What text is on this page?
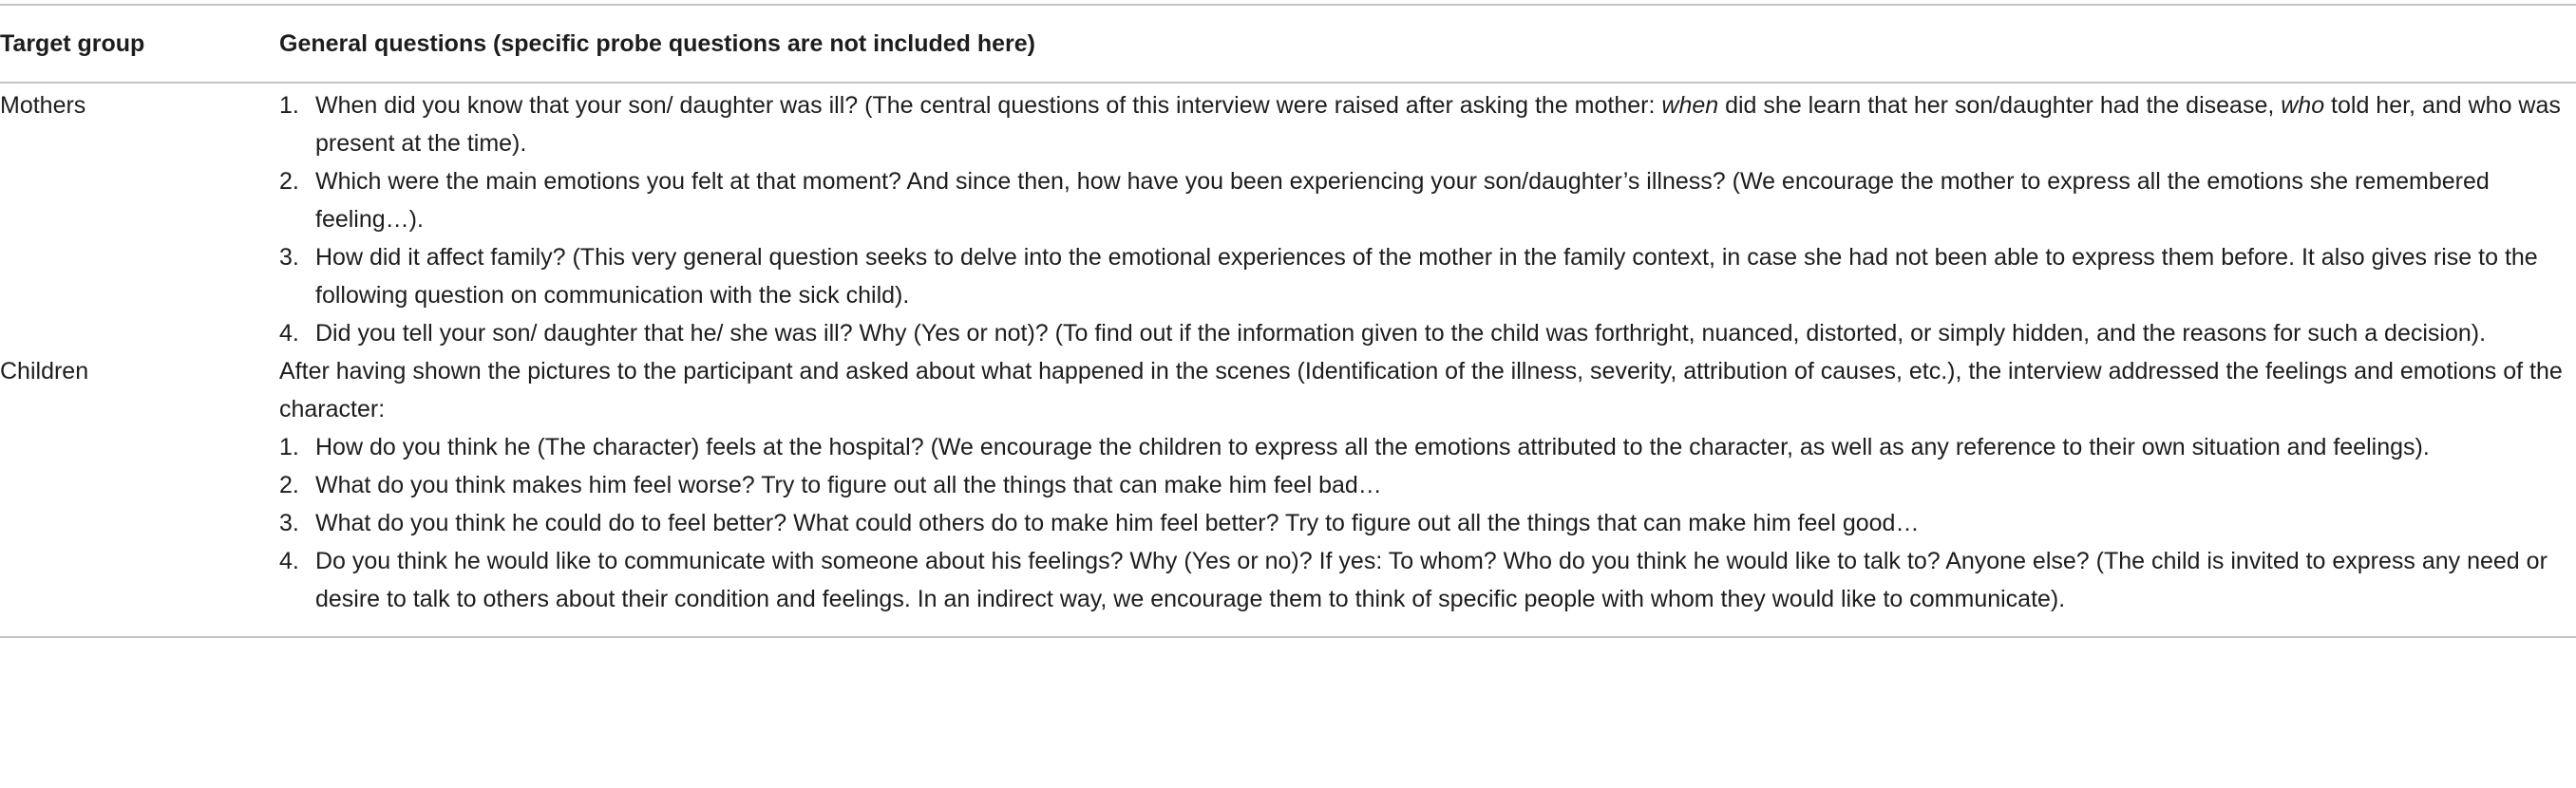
Target group	General questions (specific probe questions are not included here)
Mothers	1. When did you know that your son/ daughter was ill? (The central questions of this interview were raised after asking the mother: when did she learn that her son/daughter had the disease, who told her, and who was present at the time).
2. Which were the main emotions you felt at that moment? And since then, how have you been experiencing your son/daughter’s illness? (We encourage the mother to express all the emotions she remembered feeling…).
3. How did it affect family? (This very general question seeks to delve into the emotional experiences of the mother in the family context, in case she had not been able to express them before. It also gives rise to the following question on communication with the sick child).
4. Did you tell your son/ daughter that he/ she was ill? Why (Yes or not)? (To find out if the information given to the child was forthright, nuanced, distorted, or simply hidden, and the reasons for such a decision).
Children	After having shown the pictures to the participant and asked about what happened in the scenes (Identification of the illness, severity, attribution of causes, etc.), the interview addressed the feelings and emotions of the character:

1. How do you think he (The character) feels at the hospital? (We encourage the children to express all the emotions attributed to the character, as well as any reference to their own situation and feelings).
2. What do you think makes him feel worse? Try to figure out all the things that can make him feel bad…
3. What do you think he could do to feel better? What could others do to make him feel better? Try to figure out all the things that can make him feel good…
4. Do you think he would like to communicate with someone about his feelings? Why (Yes or no)? If yes: To whom? Who do you think he would like to talk to? Anyone else? (The child is invited to express any need or desire to talk to others about their condition and feelings. In an indirect way, we encourage them to think of specific people with whom they would like to communicate).
